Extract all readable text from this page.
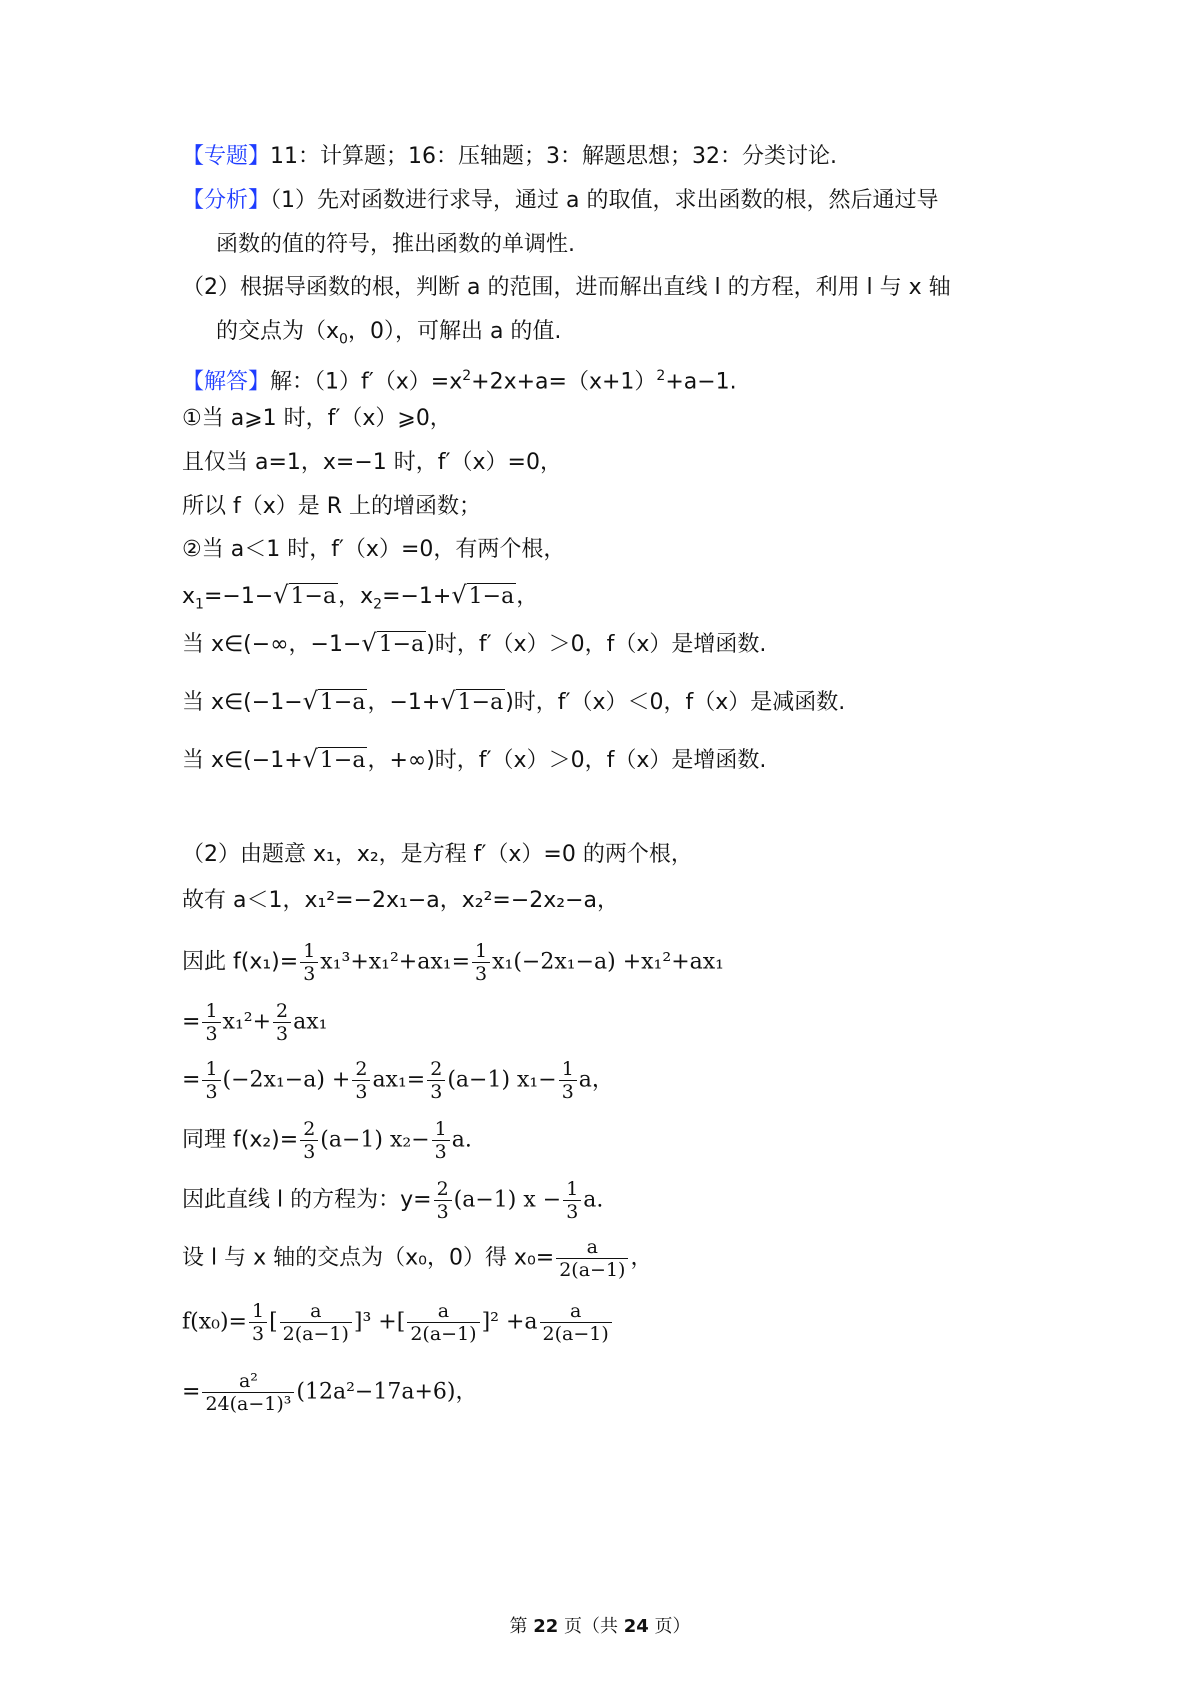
【专题】11：计算题；16：压轴题；3：解题思想；32：分类讨论.
【分析】（1）先对函数进行求导，通过 a 的取值，求出函数的根，然后通过导
函数的值的符号，推出函数的单调性.
（2）根据导函数的根，判断 a 的范围，进而解出直线 l 的方程，利用 l 与 x 轴
的交点为（$x_0$，0），可解出 a 的值.
【解答】解：$(1)f'(x)=x^2+2x+a=(x+1)^2+a-1$.
①当 a⩾1 时，f′（x）⩾0，
且仅当 a=1，x=−1 时，f′（x）=0，
所以 f（x）是 R 上的增函数；
②当 a＜1 时，f′（x）=0，有两个根，
$x_1=-1-√1-a$，$x_2=-1+√1-a$，
当 x∈(−∞，−1−√1−a)时，f′（x）＞0，f（x）是增函数.
当 x∈(−1−√1−a，−1+√1−a)时，f′（x）＜0，f（x）是减函数.
当 x∈(−1+√1−a，+∞)时，f′（x）＞0，f（x）是增函数.
（2）由题意 x₁，x₂，是方程 f′（x）=0 的两个根，
故有 a＜1，x₁²=−2x₁−a，x₂²=−2x₂−a，
因此 $f(x_1)= \frac{1}{3} x_1^3+x_1^2+ax_1= \frac{1}{3} x_1(-2x_1-a) +x_1^2+ax_1$
= $\frac{1}{3} x_1^2+ \frac{2}{3} ax_1$
= $\frac{1}{3} (-2x_1-a) + \frac{2}{3} ax_1= \frac{2}{3} (a-1)$ $x_1- \frac{1}{3}$ a，
同理 $f(x_2)= \frac{2}{3} (a-1)$ $x_2- \frac{1}{3} a$.
因此直线 l 的方程为：$y= \frac{2}{3} (a-1) x - \frac{1}{3} a$.
设 l 与 x 轴的交点为（x₀，0）得 $x_0= \frac{a}{2(a-1)}$ ，
$f(x_0)= \frac{1}{3}$ [ $\frac{a}{2(a-1)} ]^3$ +[ $\frac{a}{2(a-1)} ]^2 +a \frac{a}{2(a-1)}$
= $\frac{\text{a²}}{\text{24(a−1)³}} (12a^2-17a+6)$，
第 22 页（共 24 页）
